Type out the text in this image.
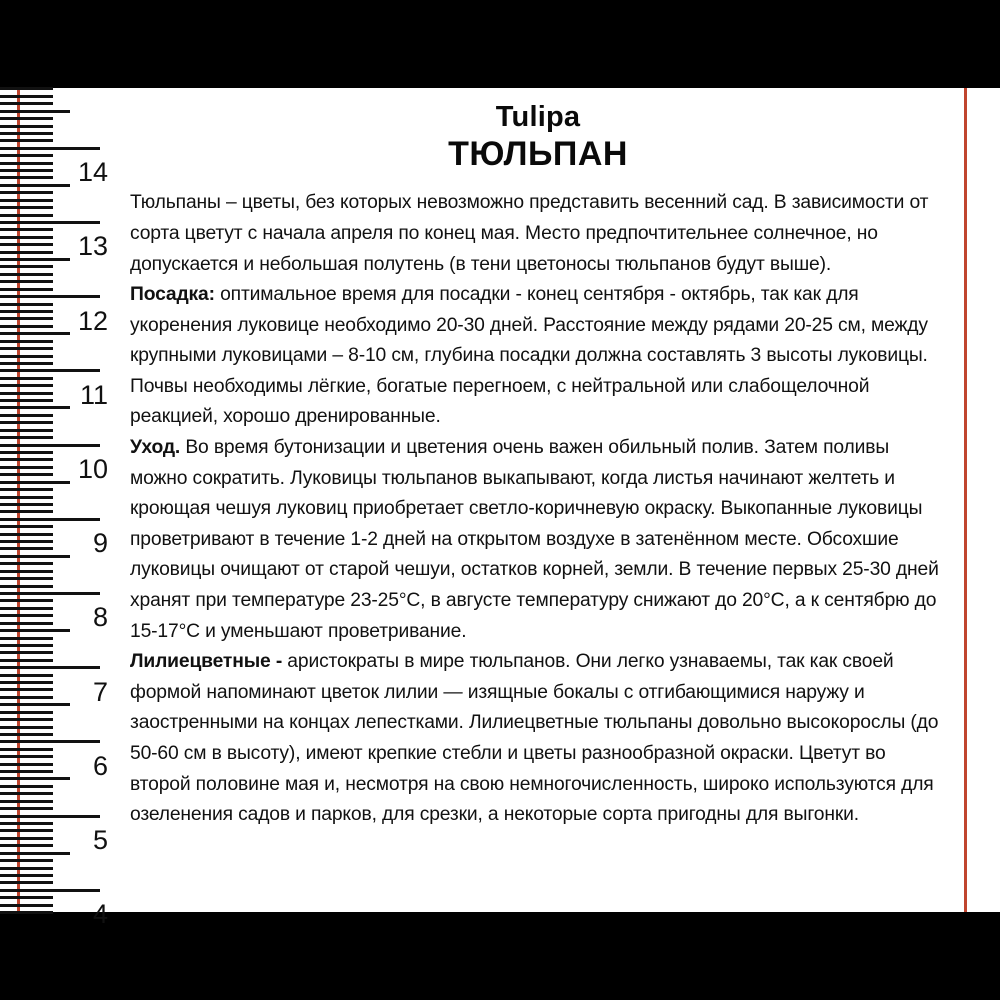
14
13
12
11
10
9
8
7
6
5
4
Tulipa
ТЮЛЬПАН

Тюльпаны – цветы, без которых невозможно представить весенний сад. В зависимости от сорта цветут с начала апреля по конец мая. Место предпочтительнее солнечное, но допускается и небольшая полутень (в тени цветоносы тюльпанов будут выше).

Посадка: оптимальное время для посадки - конец сентября - октябрь, так как для укоренения луковице необходимо 20-30 дней. Расстояние между рядами 20-25 см, между крупными луковицами – 8-10 см, глубина посадки должна составлять 3 высоты луковицы. Почвы необходимы лёгкие, богатые перегноем, с нейтральной или слабощелочной реакцией, хорошо дренированные.

Уход. Во время бутонизации и цветения очень важен обильный полив. Затем поливы можно сократить. Луковицы тюльпанов выкапывают, когда листья начинают желтеть и кроющая чешуя луковиц приобретает светло-коричневую окраску. Выкопанные луковицы проветривают в течение 1-2 дней на открытом воздухе в затенённом месте. Обсохшие луковицы очищают от старой чешуи, остатков корней, земли. В течение первых 25-30 дней хранят при температуре 23-25°С, в августе температуру снижают до 20°С, а к сентябрю до 15-17°С и уменьшают проветривание.

Лилиецветные - аристократы в мире тюльпанов. Они легко узнаваемы, так как своей формой напоминают цветок лилии — изящные бокалы с отгибающимися наружу и заостренными на концах лепестками. Лилиецветные тюльпаны довольно высокорослы (до 50-60 см в высоту), имеют крепкие стебли и цветы разнообразной окраски. Цветут во второй половине мая и, несмотря на свою немногочисленность, широко используются для озеленения садов и парков, для срезки, а некоторые сорта пригодны для выгонки.
